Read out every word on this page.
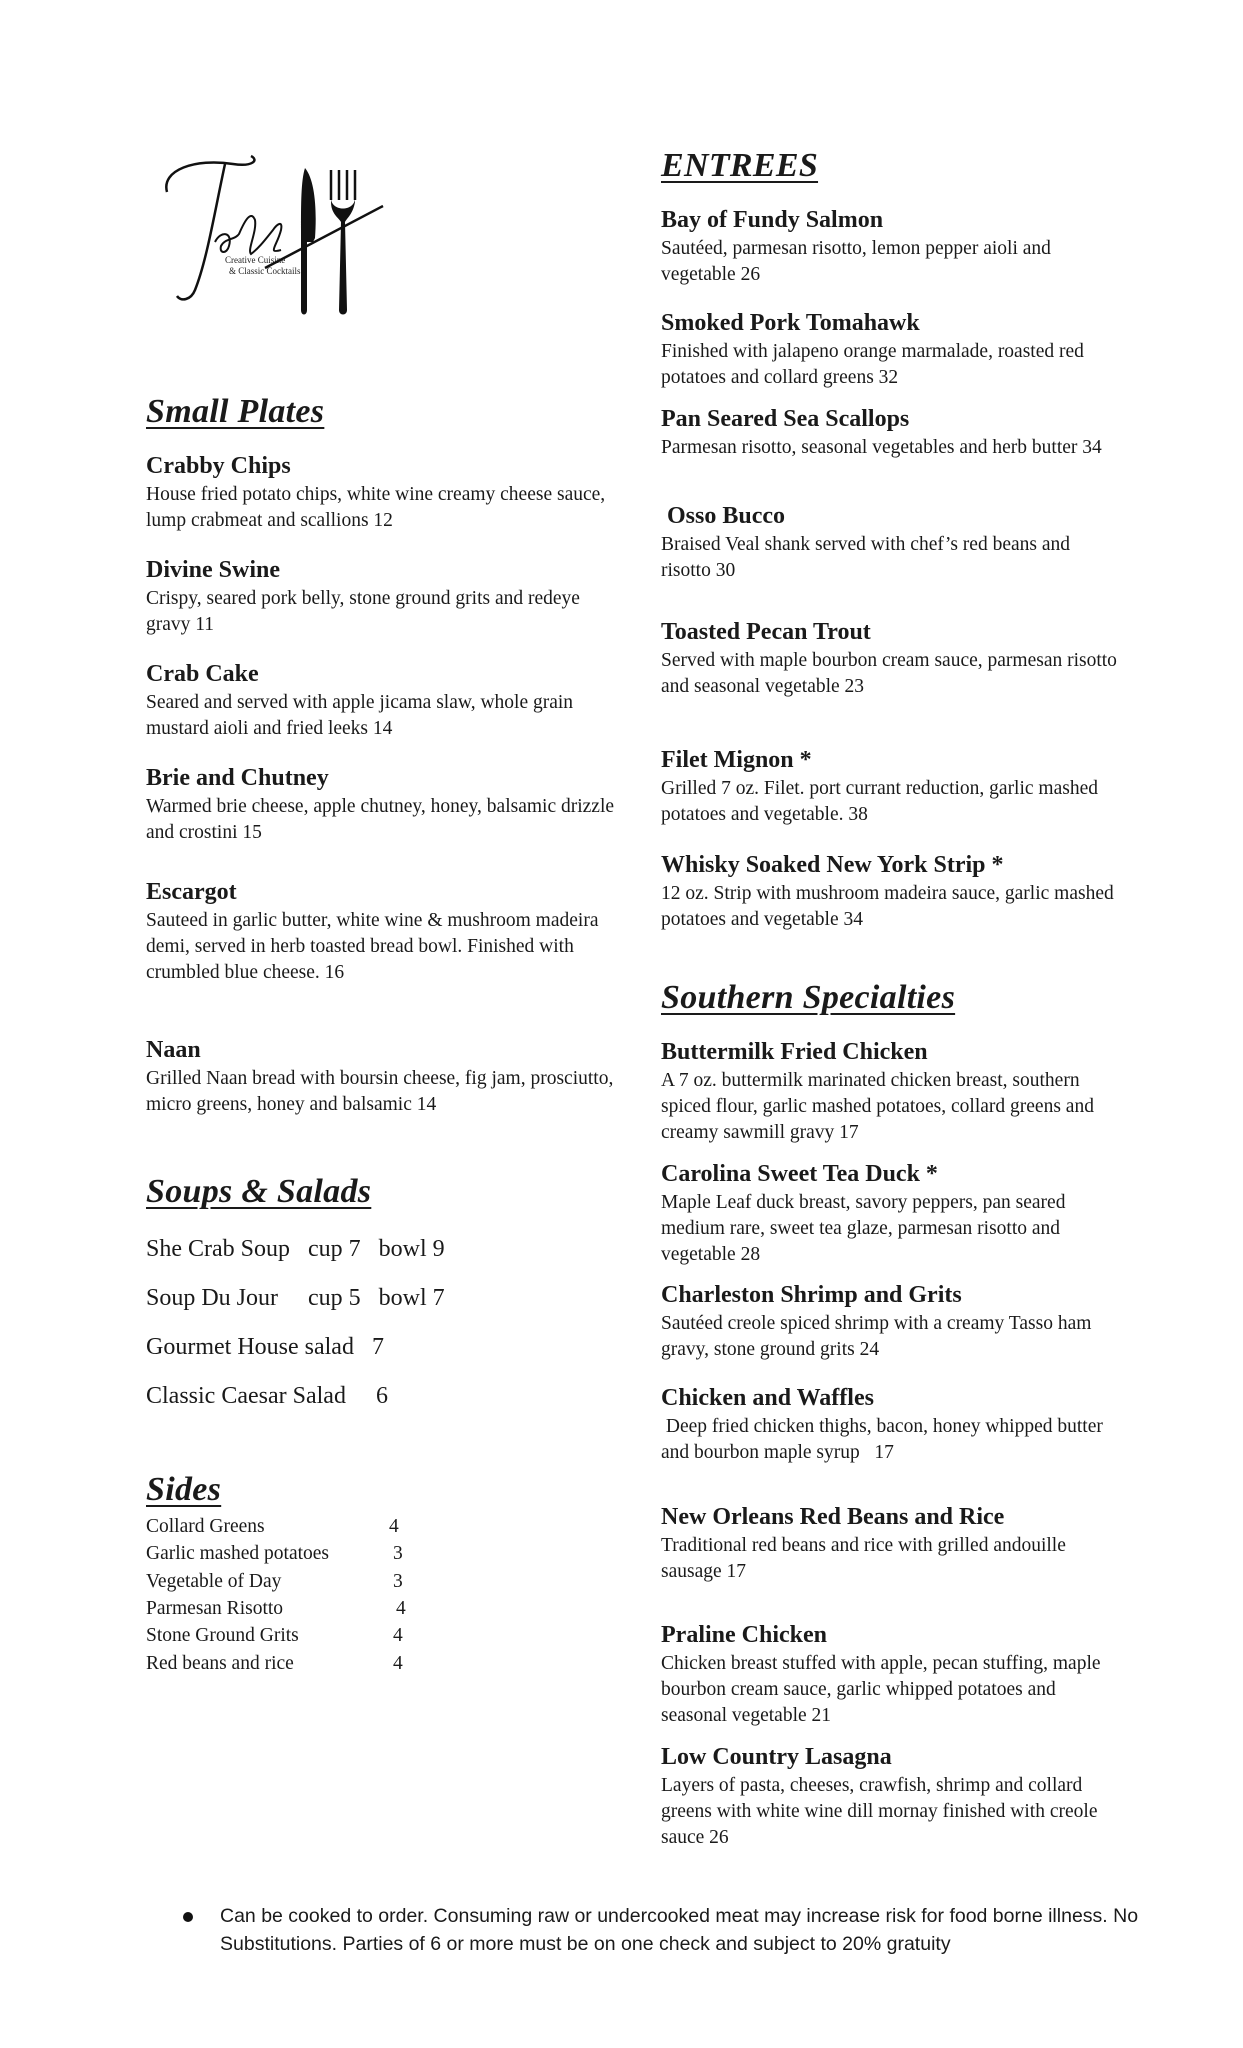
Creative Cuisine
& Classic Cocktails
Small Plates
Crabby Chips
House fried potato chips, white wine creamy cheese sauce, lump crabmeat and scallions 12
Divine Swine
Crispy, seared pork belly, stone ground grits and redeye gravy 11
Crab Cake
Seared and served with apple jicama slaw, whole grain mustard aioli and fried leeks 14
Brie and Chutney
Warmed brie cheese, apple chutney, honey, balsamic drizzle and crostini 15
Escargot
Sauteed in garlic butter, white wine & mushroom madeira demi, served in herb toasted bread bowl. Finished with crumbled blue cheese. 16
Naan
Grilled Naan bread with boursin cheese, fig jam, prosciutto, micro greens, honey and balsamic 14
Soups & Salads
She Crab Soup   cup 7   bowl 9
Soup Du Jour     cup 5   bowl 7
Gourmet House salad   7
Classic Caesar Salad     6
Sides
Collard Greens	4
Garlic mashed potatoes	3
Vegetable of Day	3
Parmesan Risotto	4
Stone Ground Grits	4
Red beans and rice	4
ENTREES
Bay of Fundy Salmon
Sautéed, parmesan risotto, lemon pepper aioli and vegetable 26
Smoked Pork Tomahawk
Finished with jalapeno orange marmalade, roasted red potatoes and collard greens 32
Pan Seared Sea Scallops
Parmesan risotto, seasonal vegetables and herb butter 34
Osso Bucco
Braised Veal shank served with chef’s red beans and risotto 30
Toasted Pecan Trout
Served with maple bourbon cream sauce, parmesan risotto and seasonal vegetable 23
Filet Mignon *
Grilled 7 oz. Filet. port currant reduction, garlic mashed potatoes and vegetable. 38
Whisky Soaked New York Strip *
12 oz. Strip with mushroom madeira sauce, garlic mashed potatoes and vegetable 34
Southern Specialties
Buttermilk Fried Chicken
A 7 oz. buttermilk marinated chicken breast, southern spiced flour, garlic mashed potatoes, collard greens and creamy sawmill gravy 17
Carolina Sweet Tea Duck *
Maple Leaf duck breast, savory peppers, pan seared medium rare, sweet tea glaze, parmesan risotto and vegetable 28
Charleston Shrimp and Grits
Sautéed creole spiced shrimp with a creamy Tasso ham gravy, stone ground grits 24
Chicken and Waffles
Deep fried chicken thighs, bacon, honey whipped butter and bourbon maple syrup   17
New Orleans Red Beans and Rice
Traditional red beans and rice with grilled andouille sausage 17
Praline Chicken
Chicken breast stuffed with apple, pecan stuffing, maple bourbon cream sauce, garlic whipped potatoes and seasonal vegetable 21
Low Country Lasagna
Layers of pasta, cheeses, crawfish, shrimp and collard greens with white wine dill mornay finished with creole sauce 26
Can be cooked to order. Consuming raw or undercooked meat may increase risk for food borne illness. No Substitutions. Parties of 6 or more must be on one check and subject to 20% gratuity
